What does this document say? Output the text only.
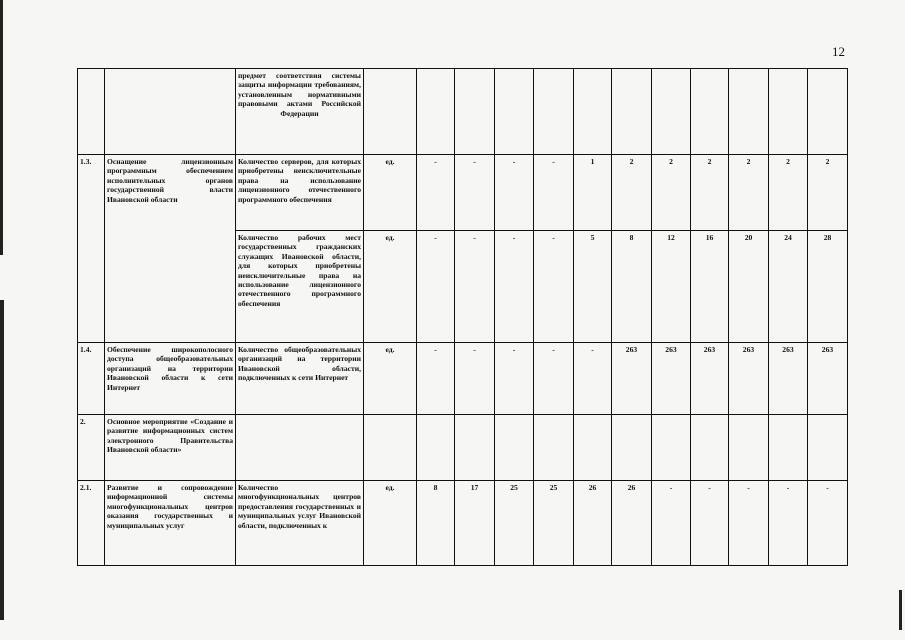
12
		предмет соответствия системы защиты информации требованиям, установленным нормативными правовыми актами Российской Федерации													
1.3.	Оснащение лицензионным программным обеспечением исполнительных органов государственной власти Ивановской области	Количество серверов, для которых приобретены неисключительные права на использование лицензионного отечественного программного обеспечения	ед.	-	-	-	-	1	2	2	2	2	2	2	
		Количество рабочих мест государственных гражданских служащих Ивановской области, для которых приобретены неисключительные права на использование лицензионного отечественного программного обеспечения	ед.	-	-	-	-	5	8	12	16	20	24	28	
1.4.	Обеспечение широкополосного доступа общеобразовательных организаций на территории Ивановской области к сети Интернет	Количество общеобразовательных организаций на территории Ивановской области, подключенных к сети Интернет	ед.	-	-	-	-	-	263	263	263	263	263	263	
2.	Основное мероприятие «Создание и развитие информационных систем электронного Правительства Ивановской области»														
2.1.	Развитие и сопровождение информационной системы многофункциональных центров оказания государственных и муниципальных услуг	Количество многофункциональных центров предоставления государственных и муниципальных услуг Ивановской области, подключенных к	ед.	8	17	25	25	26	26	-	-	-	-	-	
